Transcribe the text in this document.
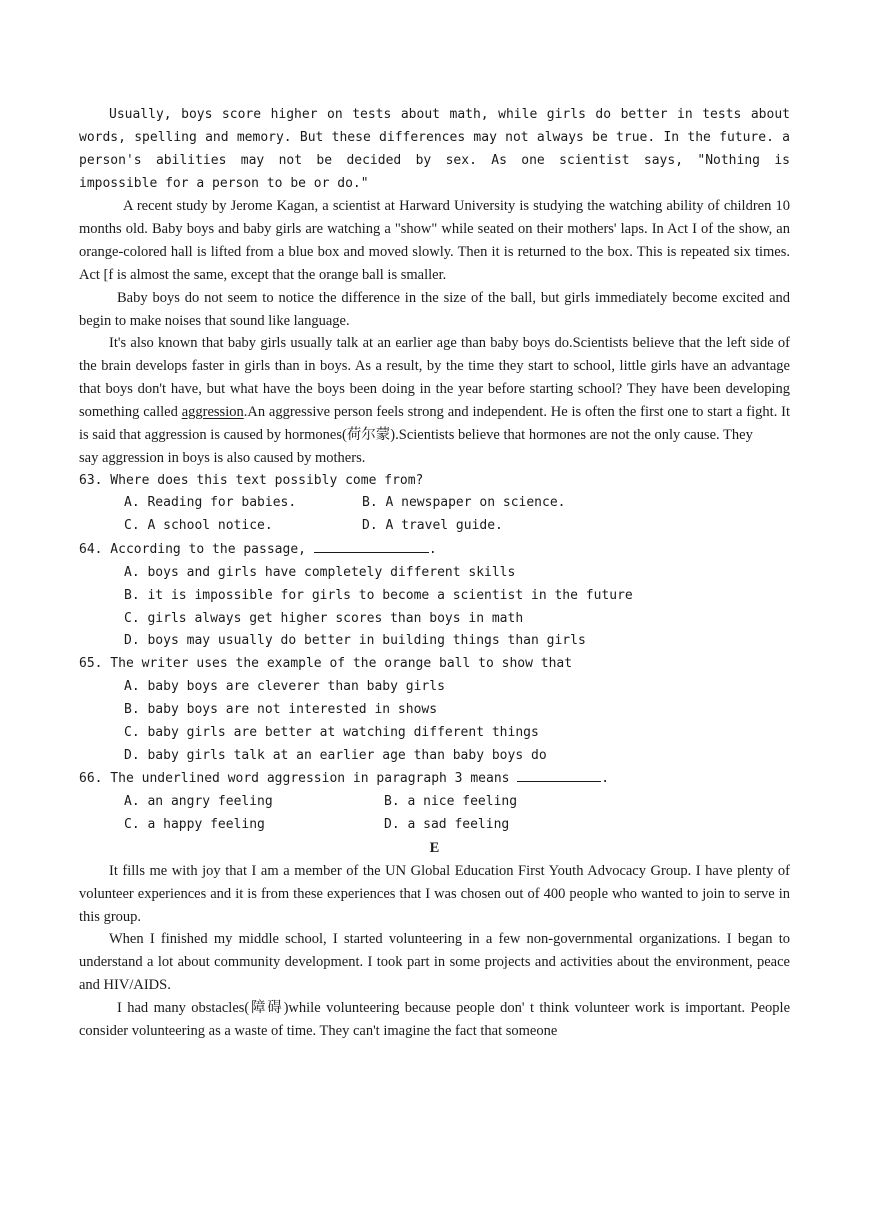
Usually, boys score higher on tests about math, while girls do better in tests about words, spelling and memory. But these differences may not always be true. In the future. a person's abilities may not be decided by sex. As one scientist says, "Nothing is impossible for a person to be or do."

A recent study by Jerome Kagan, a scientist at Harward University is studying the watching ability of children 10 months old. Baby boys and baby girls are watching a "show" while seated on their mothers' laps. In Act I of the show, an orange-colored hall is lifted from a blue box and moved slowly. Then it is returned to the box. This is repeated six times. Act [f is almost the same, except that the orange ball is smaller.

Baby boys do not seem to notice the difference in the size of the ball, but girls immediately become excited and begin to make noises that sound like language.

It's also known that baby girls usually talk at an earlier age than baby boys do.Scientists believe that the left side of the brain develops faster in girls than in boys. As a result, by the time they start to school, little girls have an advantage that boys don't have, but what have the boys been doing in the year before starting school? They have been developing something called aggression.An aggressive person feels strong and independent. He is often the first one to start a fight. It is said that aggression is caused by hormones(荷尔蒙).Scientists believe that hormones are not the only cause. They

say aggression in boys is also caused by mothers.

63. Where does this text possibly come from?

A. Reading for babies.	B. A newspaper on science.
C. A school notice.	D. A travel guide.

64. According to the passage,	.

A. boys and girls have completely different skills

B. it is impossible for girls to become a scientist in the future

C. girls always get higher scores than boys in math

D. boys may usually do better in building things than girls

65. The writer uses the example of the orange ball to show that

A. baby boys are cleverer than baby girls

B. baby boys are not interested in shows

C. baby girls are better at watching different things

D. baby girls talk at an earlier age than baby boys do

66. The underlined word aggression in paragraph 3 means	.

A. an angry feeling	B. a nice feeling
C. a happy feeling	D. a sad feeling

E

It fills me with joy that I am a member of the UN Global Education First Youth Advocacy Group. I have plenty of volunteer experiences and it is from these experiences that I was chosen out of 400 people who wanted to join to serve in this group.

When I finished my middle school, I started volunteering in a few non-governmental organizations. I began to understand a lot about community development. I took part in some projects and activities about the environment, peace and HIV/AIDS.

I had many obstacles(障碍)while volunteering because people don' t think volunteer work is important. People consider volunteering as a waste of time. They can't imagine the fact that someone
